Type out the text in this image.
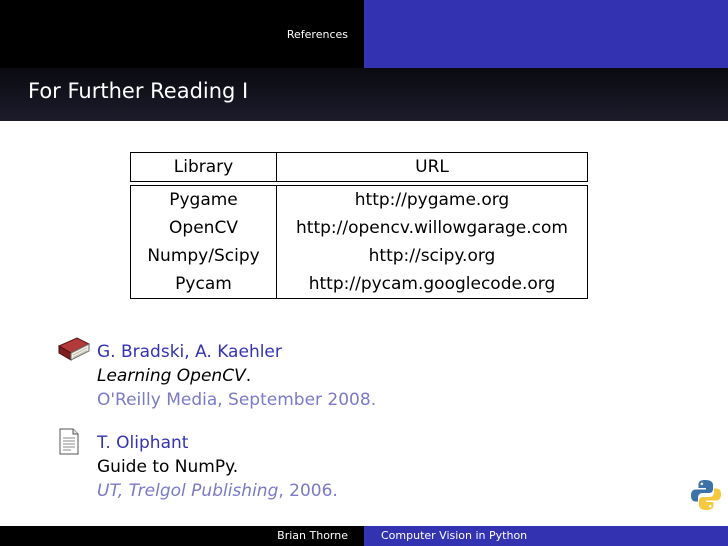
References
For Further Reading I
Library	URL

Pygame	http://pygame.org
OpenCV	http://opencv.willowgarage.com
Numpy/Scipy	http://scipy.org
Pycam	http://pycam.googlecode.org
G. Bradski, A. Kaehler
Learning OpenCV.
O'Reilly Media, September 2008.
T. Oliphant
Guide to NumPy.
UT, Trelgol Publishing, 2006.
Brian Thorne	Computer Vision in Python
